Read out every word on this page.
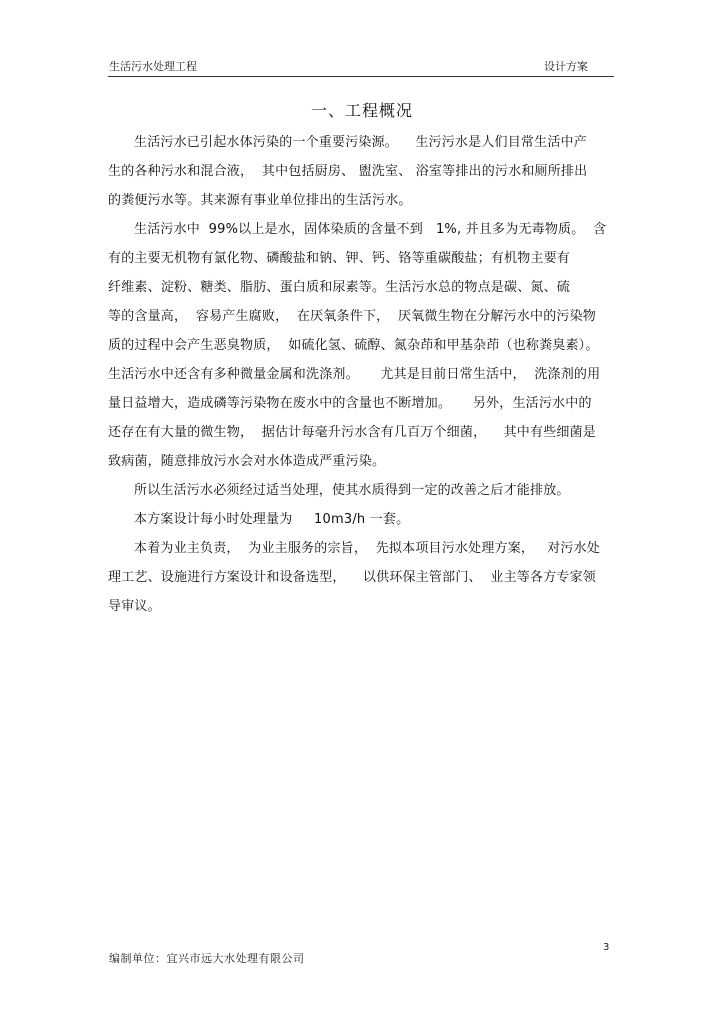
生活污水处理工程	设计方案
一、工程概况
生活污水已引起水体污染的一个重要污染源。    生污污水是人们目常生活中产
生的各种污水和混合液，  其中包括厨房、 盥洗室、 浴室等排出的污水和厕所排出
的粪便污水等。其来源有事业单位排出的生活污水。
生活污水中  99%以上是水，固体染质的含量不到   1%, 并且多为无毒物质。  含
有的主要无机物有氯化物、磷酸盐和钠、钾、钙、铬等重碳酸盐；有机物主要有
纤维素、淀粉、糖类、脂肪、蛋白质和尿素等。生活污水总的物点是碳、氮、硫
等的含量高，  容易产生腐败，  在厌氧条件下，  厌氧微生物在分解污水中的污染物
质的过程中会产生恶臭物质，  如硫化氢、硫醇、氮杂茚和甲基杂茚（也称粪臭素）。
生活污水中还含有多种微量金属和洗涤剂。     尤其是目前日常生活中，  洗涤剂的用
量日益增大，造成磷等污染物在废水中的含量也不断增加。     另外，生活污水中的
还存在有大量的微生物，  据估计每毫升污水含有几百万个细菌，    其中有些细菌是
致病菌，随意排放污水会对水体造成严重污染。
所以生活污水必须经过适当处理，使其水质得到一定的改善之后才能排放。
本方案设计每小时处理量为     10m3/h 一套。
本着为业主负责，  为业主服务的宗旨，  先拟本项目污水处理方案，   对污水处
理工艺、设施进行方案设计和设备选型，    以供环保主管部门、  业主等各方专家领
导审议。
3
编制单位：宜兴市远大水处理有限公司
